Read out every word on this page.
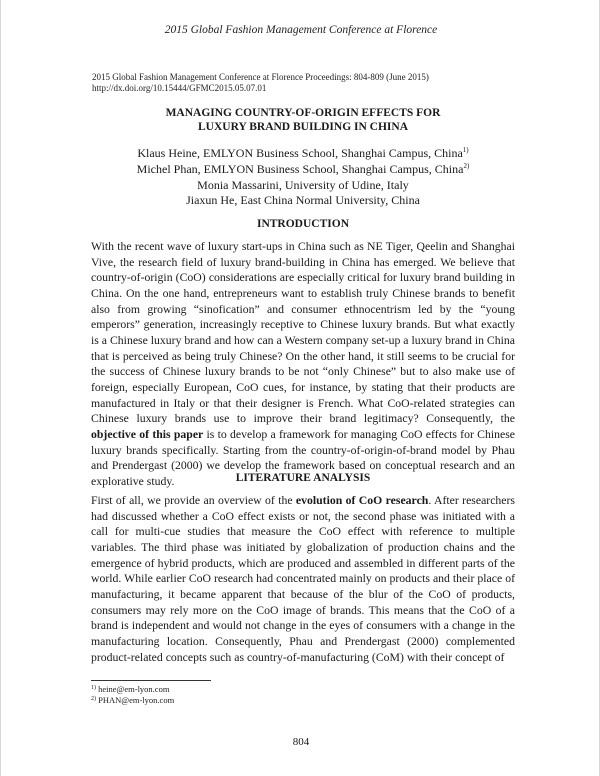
2015 Global Fashion Management Conference at Florence
2015 Global Fashion Management Conference at Florence Proceedings: 804-809 (June 2015)
http://dx.doi.org/10.15444/GFMC2015.05.07.01
MANAGING COUNTRY-OF-ORIGIN EFFECTS FOR
LUXURY BRAND BUILDING IN CHINA
Klaus Heine, EMLYON Business School, Shanghai Campus, China$^{1)}$
Michel Phan, EMLYON Business School, Shanghai Campus, China$^{2)}$
Monia Massarini, University of Udine, Italy
Jiaxun He, East China Normal University, China
INTRODUCTION
With the recent wave of luxury start-ups in China such as NE Tiger, Qeelin and Shanghai Vive, the research field of luxury brand-building in China has emerged. We believe that country-of-origin (CoO) considerations are especially critical for luxury brand building in China. On the one hand, entrepreneurs want to establish truly Chinese brands to benefit also from growing “sinofication” and consumer ethnocentrism led by the “young emperors” generation, increasingly receptive to Chinese luxury brands. But what exactly is a Chinese luxury brand and how can a Western company set-up a luxury brand in China that is perceived as being truly Chinese? On the other hand, it still seems to be crucial for the success of Chinese luxury brands to be not “only Chinese” but to also make use of foreign, especially European, CoO cues, for instance, by stating that their products are manufactured in Italy or that their designer is French. What CoO-related strategies can Chinese luxury brands use to improve their brand legitimacy? Consequently, the objective of this paper is to develop a framework for managing CoO effects for Chinese luxury brands specifically. Starting from the country-of-origin-of-brand model by Phau and Prendergast (2000) we develop the framework based on conceptual research and an explorative study.	LITERATURE ANALYSIS
First of all, we provide an overview of the evolution of CoO research. After researchers had discussed whether a CoO effect exists or not, the second phase was initiated with a call for multi-cue studies that measure the CoO effect with reference to multiple variables. The third phase was initiated by globalization of production chains and the emergence of hybrid products, which are produced and assembled in different parts of the world. While earlier CoO research had concentrated mainly on products and their place of manufacturing, it became apparent that because of the blur of the CoO of products, consumers may rely more on the CoO image of brands. This means that the CoO of a brand is independent and would not change in the eyes of consumers with a change in the manufacturing location. Consequently, Phau and Prendergast (2000) complemented product-related concepts such as country-of-manufacturing (CoM) with their concept of
$^{1)}$ heine@em-lyon.com
$^{2)}$ PHAN@em-lyon.com
804
